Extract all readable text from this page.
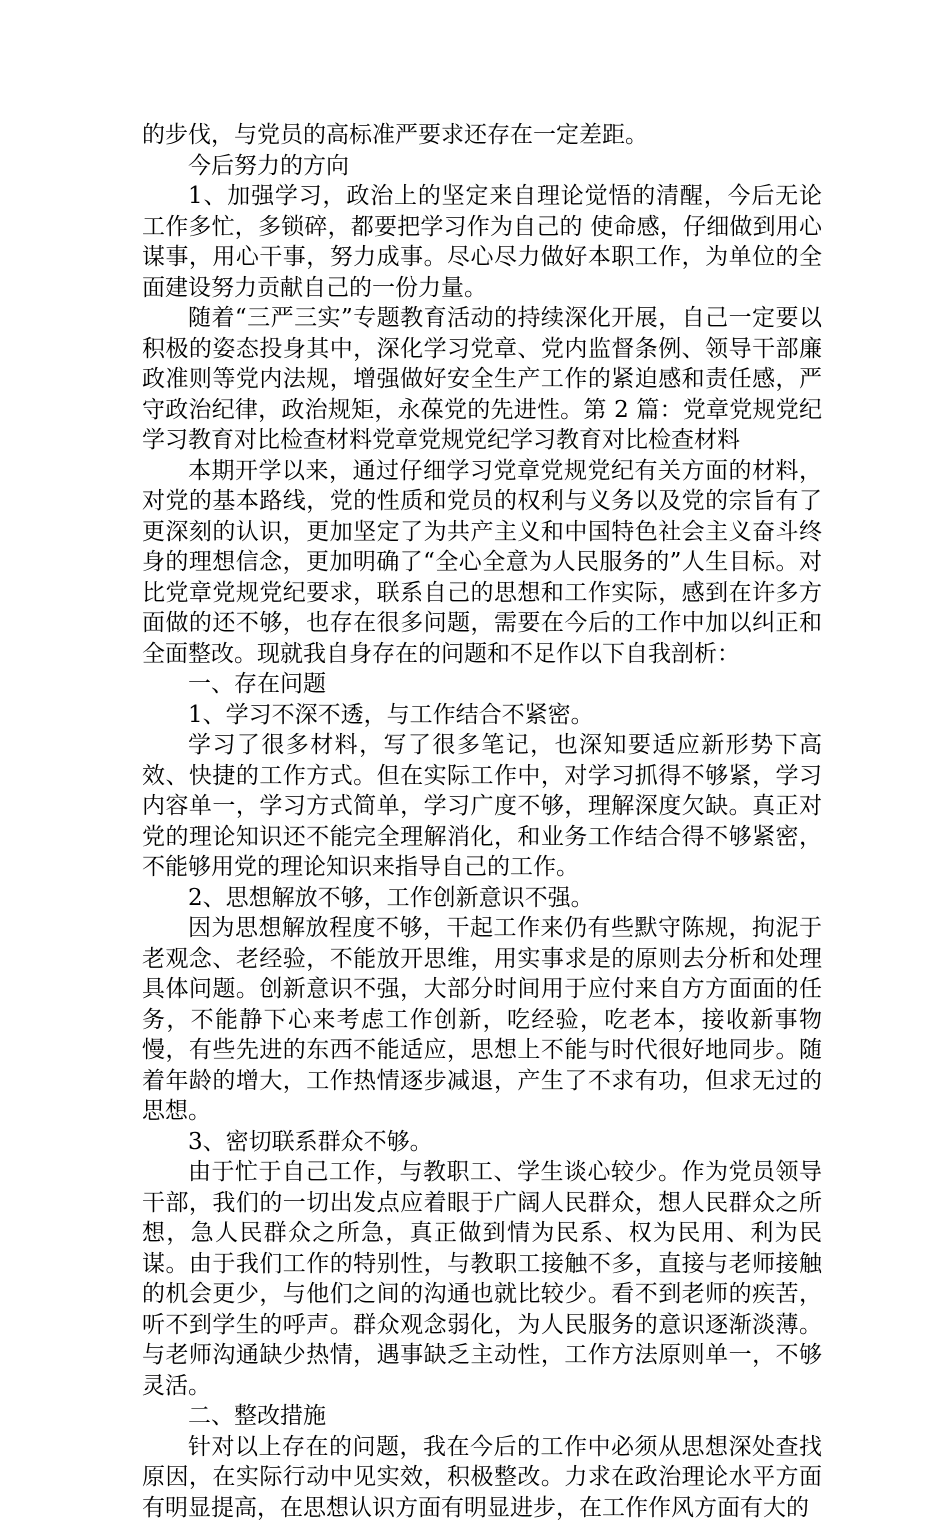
的步伐，与党员的高标准严要求还存在一定差距。

今后努力的方向

1、加强学习，政治上的坚定来自理论觉悟的清醒，今后无论工作多忙，多锁碎，都要把学习作为自己的 使命感，仔细做到用心谋事，用心干事，努力成事。尽心尽力做好本职工作，为单位的全面建设努力贡献自己的一份力量。

随着“三严三实”专题教育活动的持续深化开展，自己一定要以积极的姿态投身其中，深化学习党章、党内监督条例、领导干部廉政准则等党内法规，增强做好安全生产工作的紧迫感和责任感，严守政治纪律，政治规矩，永葆党的先进性。第 2 篇：党章党规党纪学习教育对比检查材料党章党规党纪学习教育对比检查材料

本期开学以来，通过仔细学习党章党规党纪有关方面的材料，对党的基本路线，党的性质和党员的权利与义务以及党的宗旨有了更深刻的认识，更加坚定了为共产主义和中国特色社会主义奋斗终身的理想信念，更加明确了“全心全意为人民服务的”人生目标。对比党章党规党纪要求，联系自己的思想和工作实际，感到在许多方面做的还不够，也存在很多问题，需要在今后的工作中加以纠正和全面整改。现就我自身存在的问题和不足作以下自我剖析：

一、存在问题

1、学习不深不透，与工作结合不紧密。

学习了很多材料，写了很多笔记，也深知要适应新形势下高效、快捷的工作方式。但在实际工作中，对学习抓得不够紧，学习内容单一，学习方式简单，学习广度不够，理解深度欠缺。真正对党的理论知识还不能完全理解消化，和业务工作结合得不够紧密，不能够用党的理论知识来指导自己的工作。

2、思想解放不够，工作创新意识不强。

因为思想解放程度不够，干起工作来仍有些默守陈规，拘泥于老观念、老经验，不能放开思维，用实事求是的原则去分析和处理具体问题。创新意识不强，大部分时间用于应付来自方方面面的任务，不能静下心来考虑工作创新，吃经验，吃老本，接收新事物慢，有些先进的东西不能适应，思想上不能与时代很好地同步。随着年龄的增大，工作热情逐步减退，产生了不求有功，但求无过的思想。

3、密切联系群众不够。

由于忙于自己工作，与教职工、学生谈心较少。作为党员领导干部，我们的一切出发点应着眼于广阔人民群众，想人民群众之所想，急人民群众之所急，真正做到情为民系、权为民用、利为民谋。由于我们工作的特别性，与教职工接触不多，直接与老师接触的机会更少，与他们之间的沟通也就比较少。看不到老师的疾苦，听不到学生的呼声。群众观念弱化，为人民服务的意识逐渐淡薄。与老师沟通缺少热情，遇事缺乏主动性，工作方法原则单一，不够灵活。

二、整改措施

针对以上存在的问题，我在今后的工作中必须从思想深处查找原因，在实际行动中见实效，积极整改。力求在政治理论水平方面有明显提高，在思想认识方面有明显进步，在工作作风方面有大的
